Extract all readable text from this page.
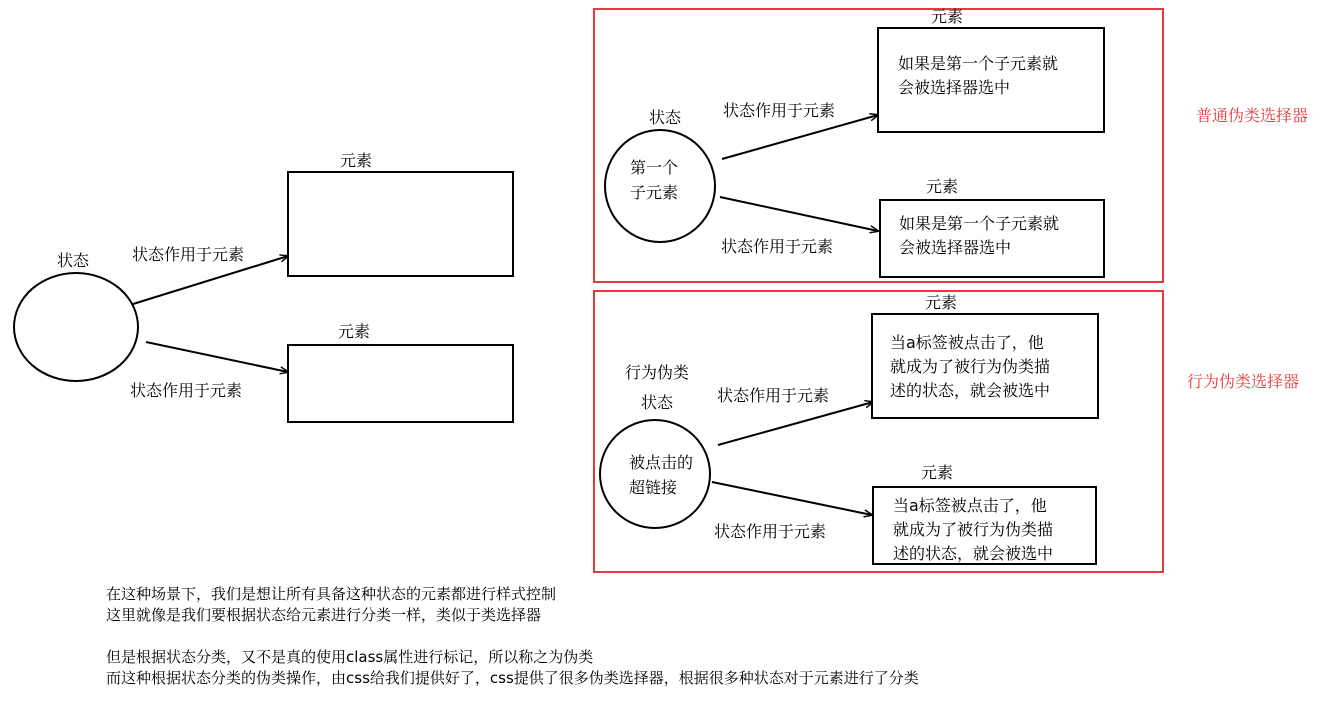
状态	状态作用于元素
状态作用于元素
元素
元素
普通伪类选择器
状态
第一个
子元素
状态作用于元素
状态作用于元素
元素
如果是第一个子元素就
会被选择器选中
元素
如果是第一个子元素就
会被选择器选中
行为伪类选择器
行为伪类
状态
被点击的
超链接
状态作用于元素
状态作用于元素
元素
当a标签被点击了，他
就成为了被行为伪类描
述的状态，就会被选中
元素
当a标签被点击了，他
就成为了被行为伪类描
述的状态，就会被选中
在这种场景下，我们是想让所有具备这种状态的元素都进行样式控制
这里就像是我们要根据状态给元素进行分类一样，类似于类选择器
但是根据状态分类，又不是真的使用class属性进行标记，所以称之为伪类
而这种根据状态分类的伪类操作，由css给我们提供好了，css提供了很多伪类选择器，根据很多种状态对于元素进行了分类
